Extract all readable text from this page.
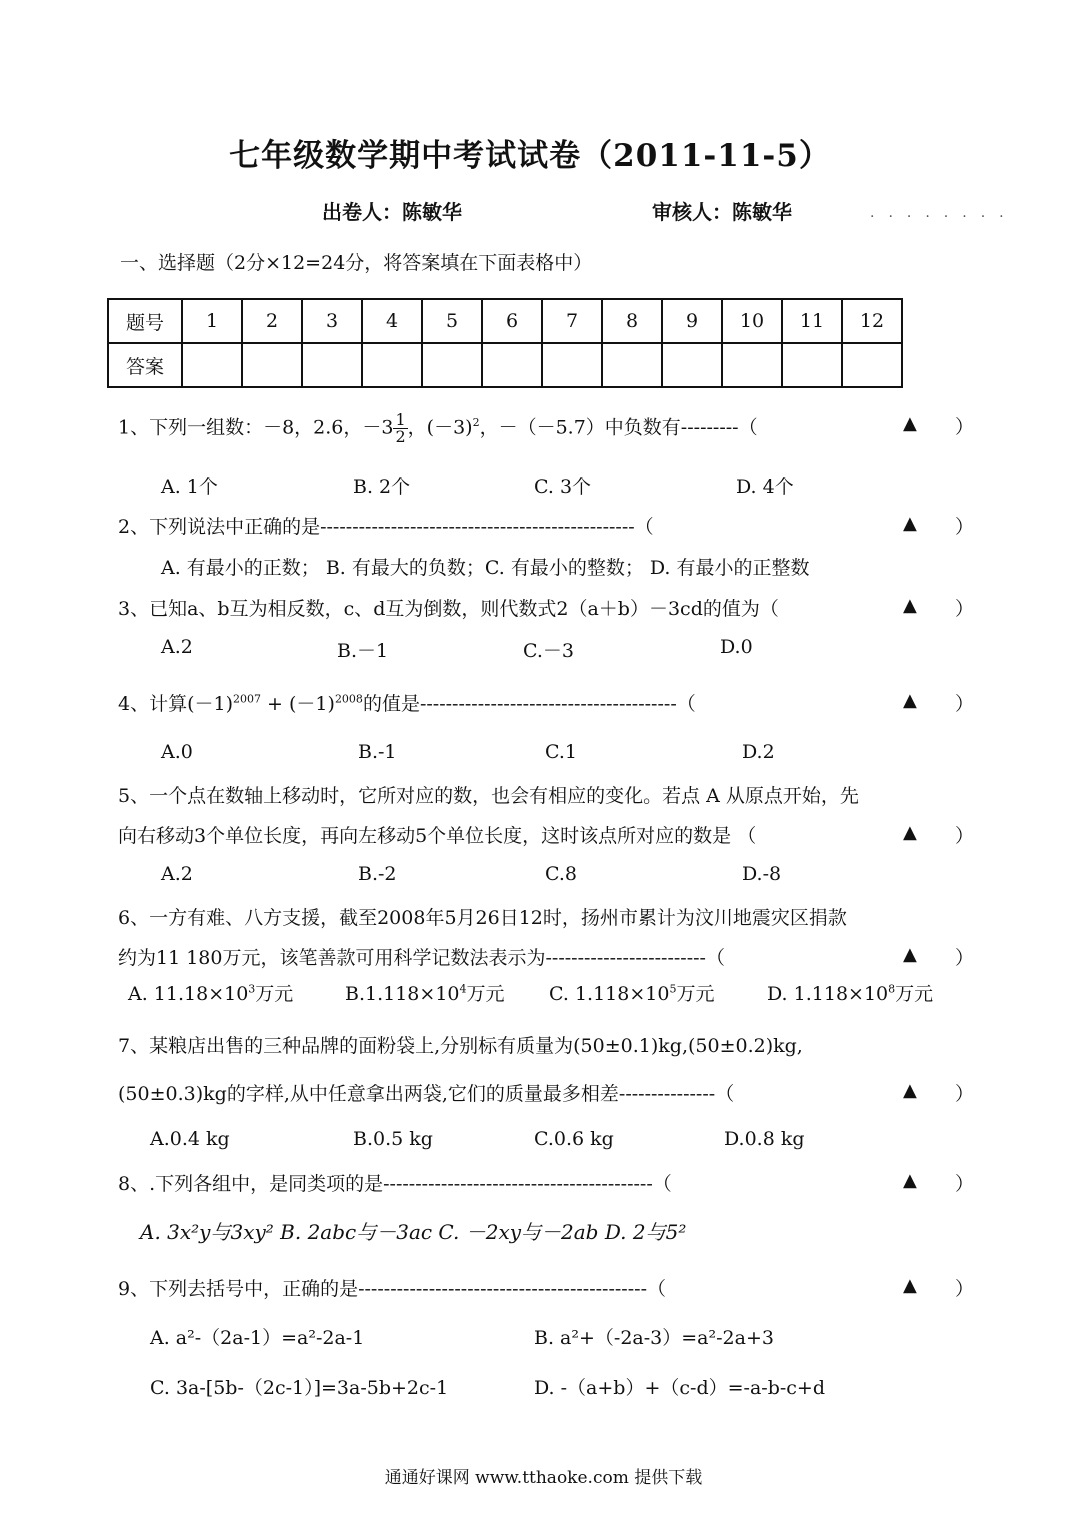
七年级数学期中考试试卷（2011-11-5）
出卷人：陈敏华	审核人：陈敏华	........
一、选择题（2分×12=24分，将答案填在下面表格中）
题号	1	2	3	4	5	6	7	8	9	10	11	12
答案												
1、下列一组数：－8，2.6，$-3 \frac{1}{2}$ ，$(-3)^2$，－（－5.7）中负数有---------（	▲ ）
A. 1个	B. 2个	C. 3个	D. 4个
2、下列说法中正确的是-------------------------------------------------（	▲ ）
A. 有最小的正数； B. 有最大的负数；C. 有最小的整数； D. 有最小的正整数
3、已知a、b互为相反数，c、d互为倒数，则代数式2（a＋b）－3cd的值为（	▲ ）
A.2	B.－1	C.－3	D.0
4、计算$(-1)^{2007} + (-1)^{2008}$的值是----------------------------------------（	▲ ）
A.0	B.-1	C.1	D.2
5、一个点在数轴上移动时，它所对应的数，也会有相应的变化。若点 A 从原点开始，先
向右移动3个单位长度，再向左移动5个单位长度，这时该点所对应的数是 （	▲ ）
A.2	B.-2	C.8	D.-8
6、一方有难、八方支援，截至2008年5月26日12时，扬州市累计为汶川地震灾区捐款
约为11 180万元，该笔善款可用科学记数法表示为-------------------------（	▲ ）
A. $11.18\times 10^3$万元	$B.1.118\times 10^4$万元 C. $1.118\times 10^5$万元	D. $1.118\times 10^8$万元
7、某粮店出售的三种品牌的面粉袋上,分别标有质量为(50±0.1)kg,(50±0.2)kg,
(50±0.3)kg的字样,从中任意拿出两袋,它们的质量最多相差---------------（	▲ ）
A.0.4 kg	B.0.5 kg	C.0.6 kg	D.0.8 kg
8、.下列各组中，是同类项的是------------------------------------------（	▲ ）
A. 3x²y与3xy² B. 2abc与－3ac C. －2xy与－2ab D. 2与5²
9、下列去括号中，正确的是---------------------------------------------（	▲ ）
A. a²-（2a-1）=a²-2a-1	B. a²+（-2a-3）=a²-2a+3
C. 3a-[5b-（2c-1）]=3a-5b+2c-1	D. -（a+b）+（c-d）=-a-b-c+d
通通好课网 www.tthaoke.com 提供下载
